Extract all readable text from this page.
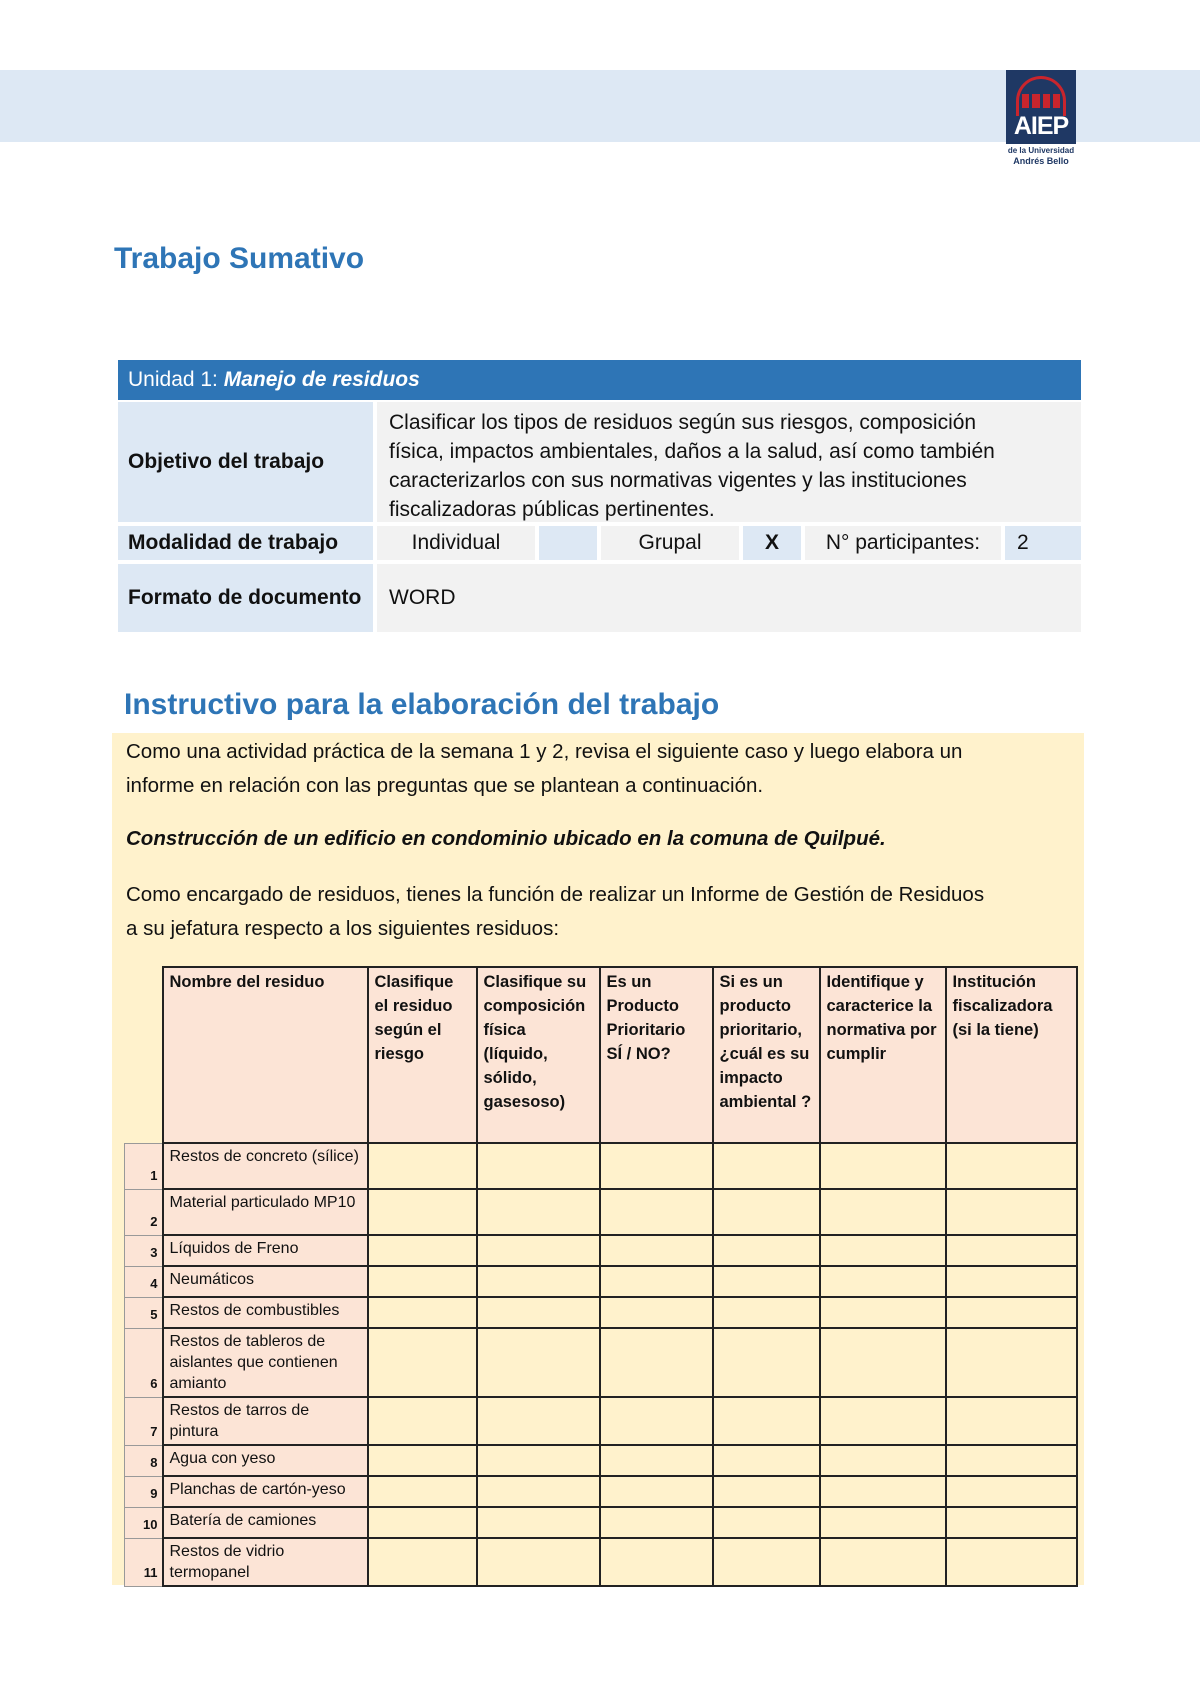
AIEP
de la Universidad
Andrés Bello
Trabajo Sumativo
Unidad 1: Manejo de residuos
Objetivo del trabajo
Clasificar los tipos de residuos según sus riesgos, composición
física, impactos ambientales, daños a la salud, así como también
caracterizarlos con sus normativas vigentes y las instituciones
fiscalizadoras públicas pertinentes.
Modalidad de trabajo	Individual	Grupal	X	N° participantes:	2
Formato de documento	WORD
Instructivo para la elaboración del trabajo
Como una actividad práctica de la semana 1 y 2, revisa el siguiente caso y luego elabora un
informe en relación con las preguntas que se plantean a continuación.
Construcción de un edificio en condominio ubicado en la comuna de Quilpué.
Como encargado de residuos, tienes la función de realizar un Informe de Gestión de Residuos
a su jefatura respecto a los siguientes residuos:
	Nombre del residuo	Clasifique el residuo según el riesgo	Clasifique su composición física (líquido, sólido, gasesoso)	Es un Producto Prioritario SÍ / NO?	Si es un producto prioritario, ¿cuál es su impacto ambiental ?	Identifique y caracterice la normativa por cumplir	Institución fiscalizadora (si la tiene)
1	Restos de concreto (sílice)						
2	Material particulado MP10						
3	Líquidos de Freno						
4	Neumáticos						
5	Restos de combustibles						
6	Restos de tableros de aislantes que contienen amianto						
7	Restos de tarros de pintura						
8	Agua con yeso						
9	Planchas de cartón-yeso						
10	Batería de camiones						
11	Restos de vidrio termopanel						
